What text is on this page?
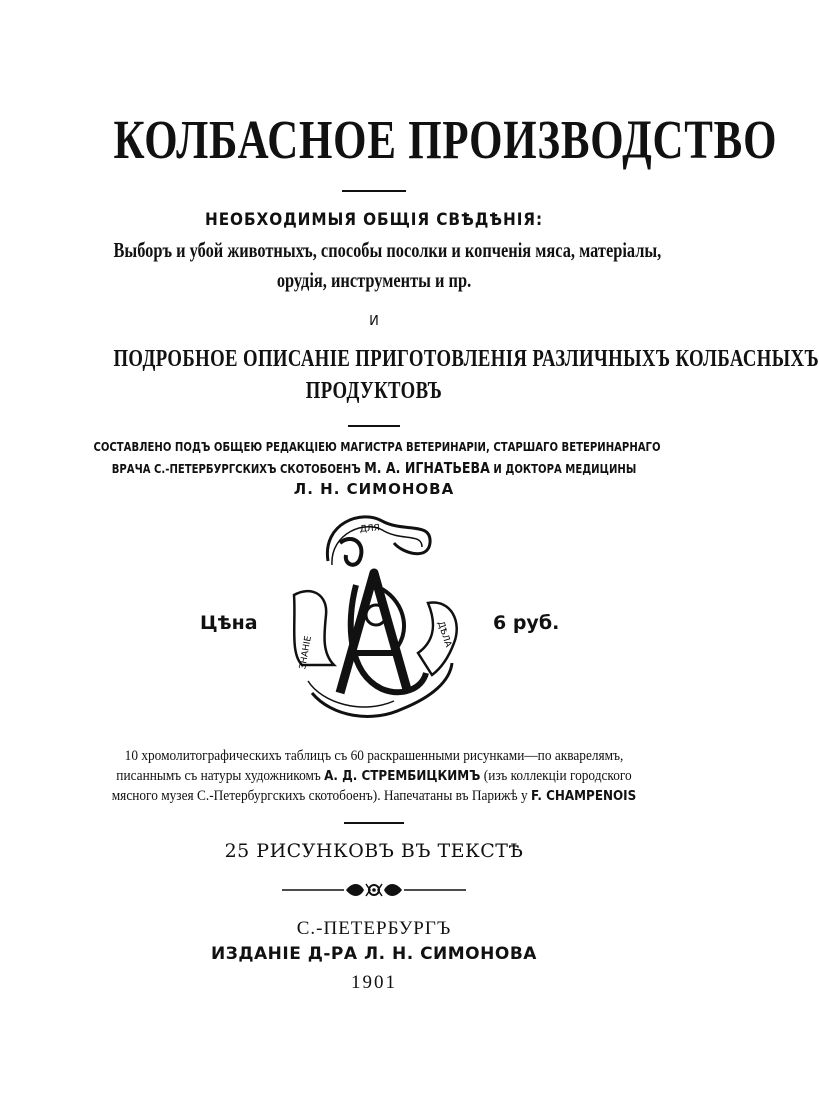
КОЛБАСНОЕ ПРОИЗВОДСТВО
НЕОБХОДИМЫЯ ОБЩІЯ СВѢДѢНІЯ:
Выборъ и убой животныхъ, способы посолки и копченія мяса, матеріалы,
орудія, инструменты и пр.
И
ПОДРОБНОЕ ОПИСАНІЕ ПРИГОТОВЛЕНІЯ РАЗЛИЧНЫХЪ КОЛБАСНЫХЪ
ПРОДУКТОВЪ
СОСТАВЛЕНО ПОДЪ ОБЩЕЮ РЕДАКЦІЕЮ МАГИСТРА ВЕТЕРИНАРІИ, СТАРШАГО ВЕТЕРИНАРНАГО
ВРАЧА С.-ПЕТЕРБУРГСКИХЪ СКОТОБОЕНЪ М. А. ИГНАТЬЕВА И ДОКТОРА МЕДИЦИНЫ
Л. Н. СИМОНОВА
Цѣна	6 руб.
ДЛЯ
ЗНАНІЕ
ДѢЛА
10 хромолитографическихъ таблицъ съ 60 раскрашенными рисунками—по акварелямъ,
писаннымъ съ натуры художникомъ А. Д. СТРЕМБИЦКИМЪ (изъ коллекціи городского
мясного музея С.-Петербургскихъ скотобоенъ). Напечатаны въ Парижѣ у F. CHAMPENOIS
25 РИСУНКОВЪ ВЪ ТЕКСТѢ
С.-ПЕТЕРБУРГЪ
ИЗДАНІЕ Д-РА Л. Н. СИМОНОВА
1901
